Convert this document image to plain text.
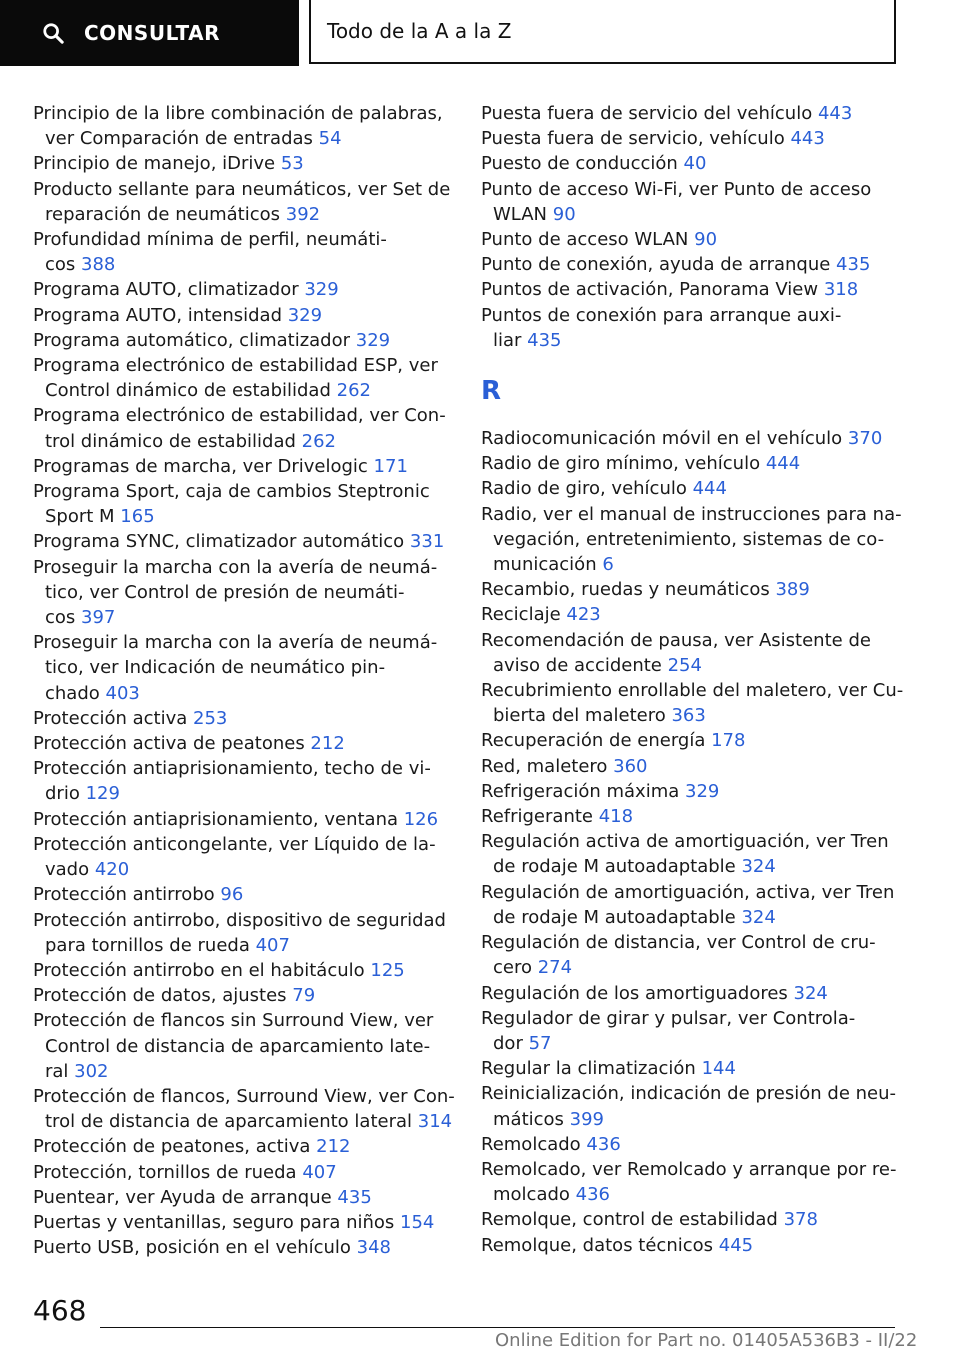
CONSULTAR	Todo de la A a la Z
Principio de la libre combinación de palabras,
ver Comparación de entradas 54
Principio de manejo, iDrive 53
Producto sellante para neumáticos, ver Set de
reparación de neumáticos 392
Profundidad mínima de perfil, neumáti-
cos 388
Programa AUTO, climatizador 329
Programa AUTO, intensidad 329
Programa automático, climatizador 329
Programa electrónico de estabilidad ESP, ver
Control dinámico de estabilidad 262
Programa electrónico de estabilidad, ver Con-
trol dinámico de estabilidad 262
Programas de marcha, ver Drivelogic 171
Programa Sport, caja de cambios Steptronic
Sport M 165
Programa SYNC, climatizador automático 331
Proseguir la marcha con la avería de neumá-
tico, ver Control de presión de neumáti-
cos 397
Proseguir la marcha con la avería de neumá-
tico, ver Indicación de neumático pin-
chado 403
Protección activa 253
Protección activa de peatones 212
Protección antiaprisionamiento, techo de vi-
drio 129
Protección antiaprisionamiento, ventana 126
Protección anticongelante, ver Líquido de la-
vado 420
Protección antirrobo 96
Protección antirrobo, dispositivo de seguridad
para tornillos de rueda 407
Protección antirrobo en el habitáculo 125
Protección de datos, ajustes 79
Protección de flancos sin Surround View, ver
Control de distancia de aparcamiento late-
ral 302
Protección de flancos, Surround View, ver Con-
trol de distancia de aparcamiento lateral 314
Protección de peatones, activa 212
Protección, tornillos de rueda 407
Puentear, ver Ayuda de arranque 435
Puertas y ventanillas, seguro para niños 154
Puerto USB, posición en el vehículo 348
Puesta fuera de servicio del vehículo 443
Puesta fuera de servicio, vehículo 443
Puesto de conducción 40
Punto de acceso Wi-Fi, ver Punto de acceso
WLAN 90
Punto de acceso WLAN 90
Punto de conexión, ayuda de arranque 435
Puntos de activación, Panorama View 318
Puntos de conexión para arranque auxi-
liar 435
R
Radiocomunicación móvil en el vehículo 370
Radio de giro mínimo, vehículo 444
Radio de giro, vehículo 444
Radio, ver el manual de instrucciones para na-
vegación, entretenimiento, sistemas de co-
municación 6
Recambio, ruedas y neumáticos 389
Reciclaje 423
Recomendación de pausa, ver Asistente de
aviso de accidente 254
Recubrimiento enrollable del maletero, ver Cu-
bierta del maletero 363
Recuperación de energía 178
Red, maletero 360
Refrigeración máxima 329
Refrigerante 418
Regulación activa de amortiguación, ver Tren
de rodaje M autoadaptable 324
Regulación de amortiguación, activa, ver Tren
de rodaje M autoadaptable 324
Regulación de distancia, ver Control de cru-
cero 274
Regulación de los amortiguadores 324
Regulador de girar y pulsar, ver Controla-
dor 57
Regular la climatización 144
Reinicialización, indicación de presión de neu-
máticos 399
Remolcado 436
Remolcado, ver Remolcado y arranque por re-
molcado 436
Remolque, control de estabilidad 378
Remolque, datos técnicos 445
468
Online Edition for Part no. 01405A536B3 - II/22
